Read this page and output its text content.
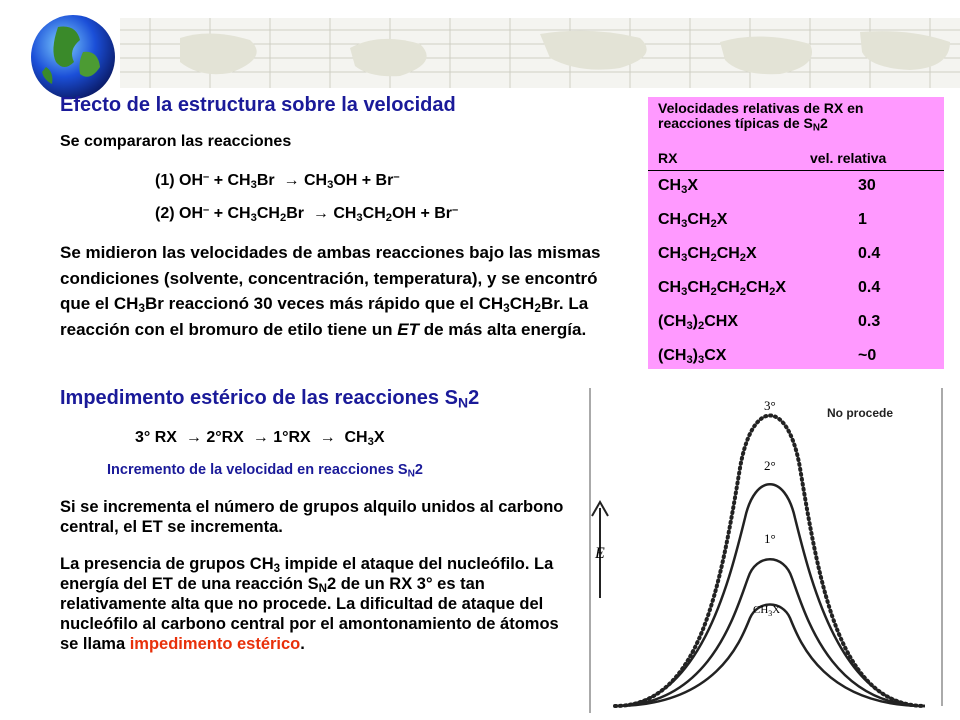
Efecto de la estructura sobre la velocidad
Se compararon las reacciones
(1) $OH^- + CH_3Br \to CH_3OH + Br^-$
(2) $OH^- + CH_3CH_2Br \to CH_3CH_2OH + Br^-$
Se midieron las velocidades de ambas reacciones bajo las mismas condiciones (solvente, concentración, temperatura), y se encontró que el $CH_3Br$ reaccionó 30 veces más rápido que el $CH_3CH_2Br$. La reacción con el bromuro de etilo tiene un ET de más alta energía.
Impedimento estérico de las reacciones $S_N2$
3° RX → $2^\circ RX \to 1^\circ RX \to CH_3X$
Incremento de la velocidad en reacciones $S_N2$
Si se incrementa el número de grupos alquilo unidos al carbono central, el ET se incrementa.
La presencia de grupos $CH_3$ impide el ataque del nucleófilo. La energía del ET de una reacción $S_N2$ de un RX 3° es tan relativamente alta que no procede. La dificultad de ataque del nucleófilo al carbono central por el amontonamiento de átomos se llama impedimento estérico.
Velocidades relativas de RX en
reacciones típicas de $S_N2$
RX	vel. relativa
$CH_3X$	30
$CH_3CH_2X$	1
$CH_3CH_2CH_2X$	0.4
$CH_3CH_2CH_2CH_2X$	0.4
$(CH_3)_2CHX$	0.3
$(CH_3)_3CX$	~0
E
No procede
3°
2°
1°
$CH_3X$
